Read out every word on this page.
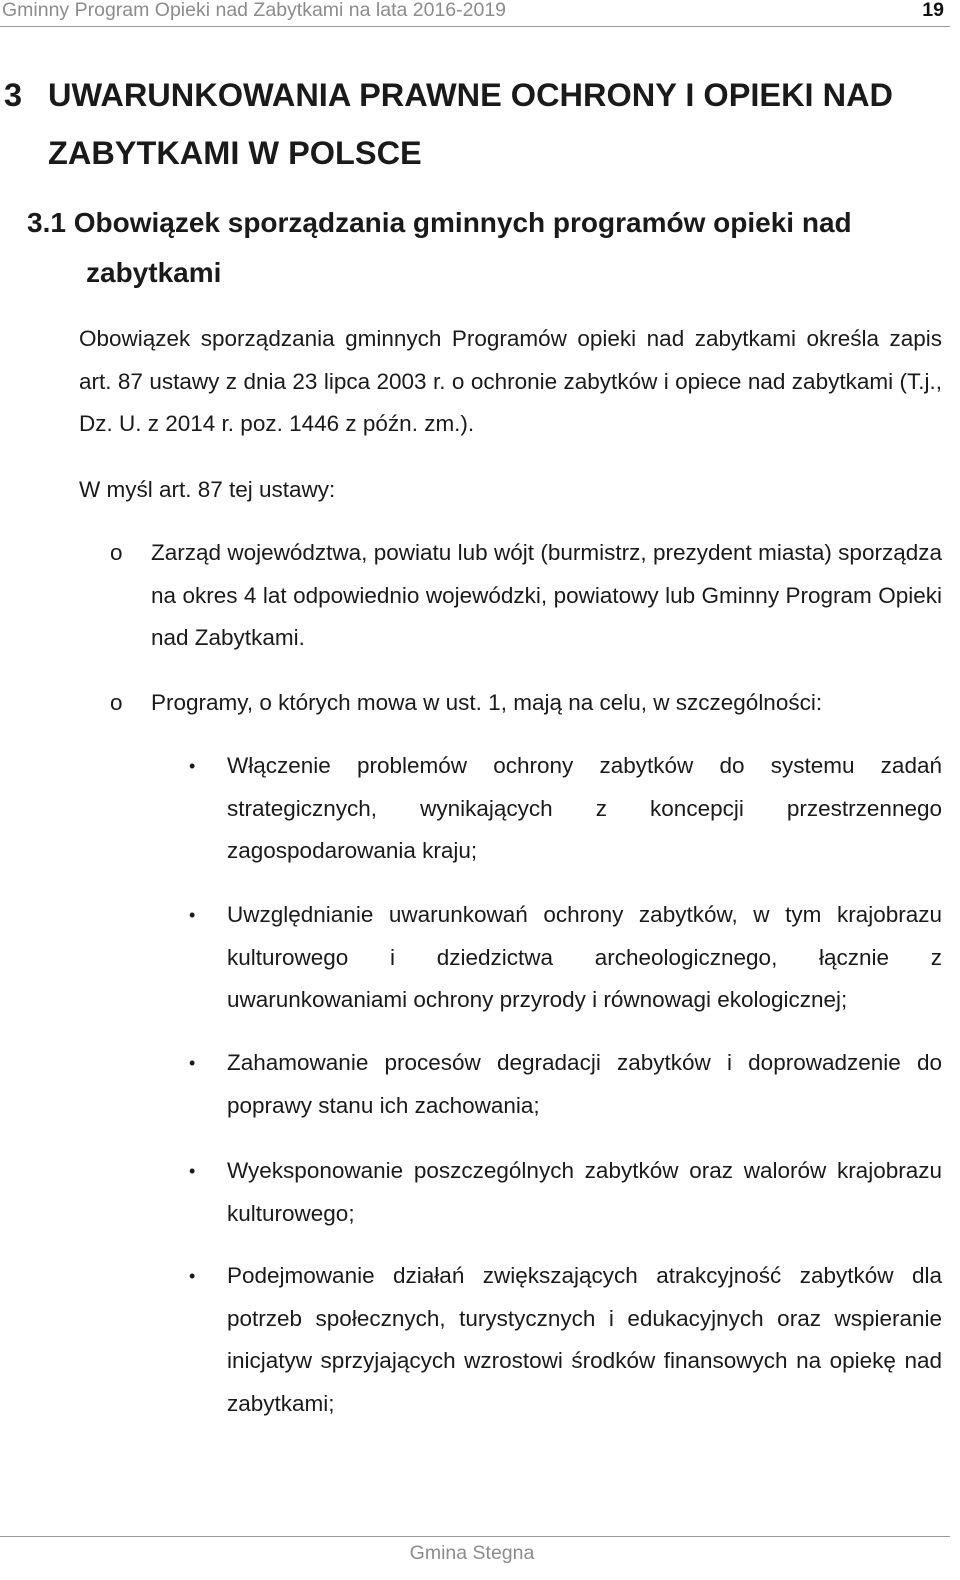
Gminny Program Opieki nad Zabytkami na lata 2016-2019	19
3 UWARUNKOWANIA PRAWNE OCHRONY I OPIEKI NAD
ZABYTKAMI W POLSCE
3.1 Obowiązek sporządzania gminnych programów opieki nad
zabytkami
Obowiązek sporządzania gminnych Programów opieki nad zabytkami określa zapis art. 87 ustawy z dnia 23 lipca 2003 r. o ochronie zabytków i opiece nad zabytkami (T.j., Dz. U. z 2014 r. poz. 1446 z późn. zm.).
W myśl art. 87 tej ustawy:
o Zarząd województwa, powiatu lub wójt (burmistrz, prezydent miasta) sporządza na okres 4 lat odpowiednio wojewódzki, powiatowy lub Gminny Program Opieki nad Zabytkami.
o Programy, o których mowa w ust. 1, mają na celu, w szczególności:
• Włączenie problemów ochrony zabytków do systemu zadań strategicznych, wynikających z koncepcji przestrzennego zagospodarowania kraju;
• Uwzględnianie uwarunkowań ochrony zabytków, w tym krajobrazu kulturowego i dziedzictwa archeologicznego, łącznie z uwarunkowaniami ochrony przyrody i równowagi ekologicznej;
• Zahamowanie procesów degradacji zabytków i doprowadzenie do poprawy stanu ich zachowania;
• Wyeksponowanie poszczególnych zabytków oraz walorów krajobrazu kulturowego;
• Podejmowanie działań zwiększających atrakcyjność zabytków dla potrzeb społecznych, turystycznych i edukacyjnych oraz wspieranie inicjatyw sprzyjających wzrostowi środków finansowych na opiekę nad zabytkami;
Gmina Stegna
